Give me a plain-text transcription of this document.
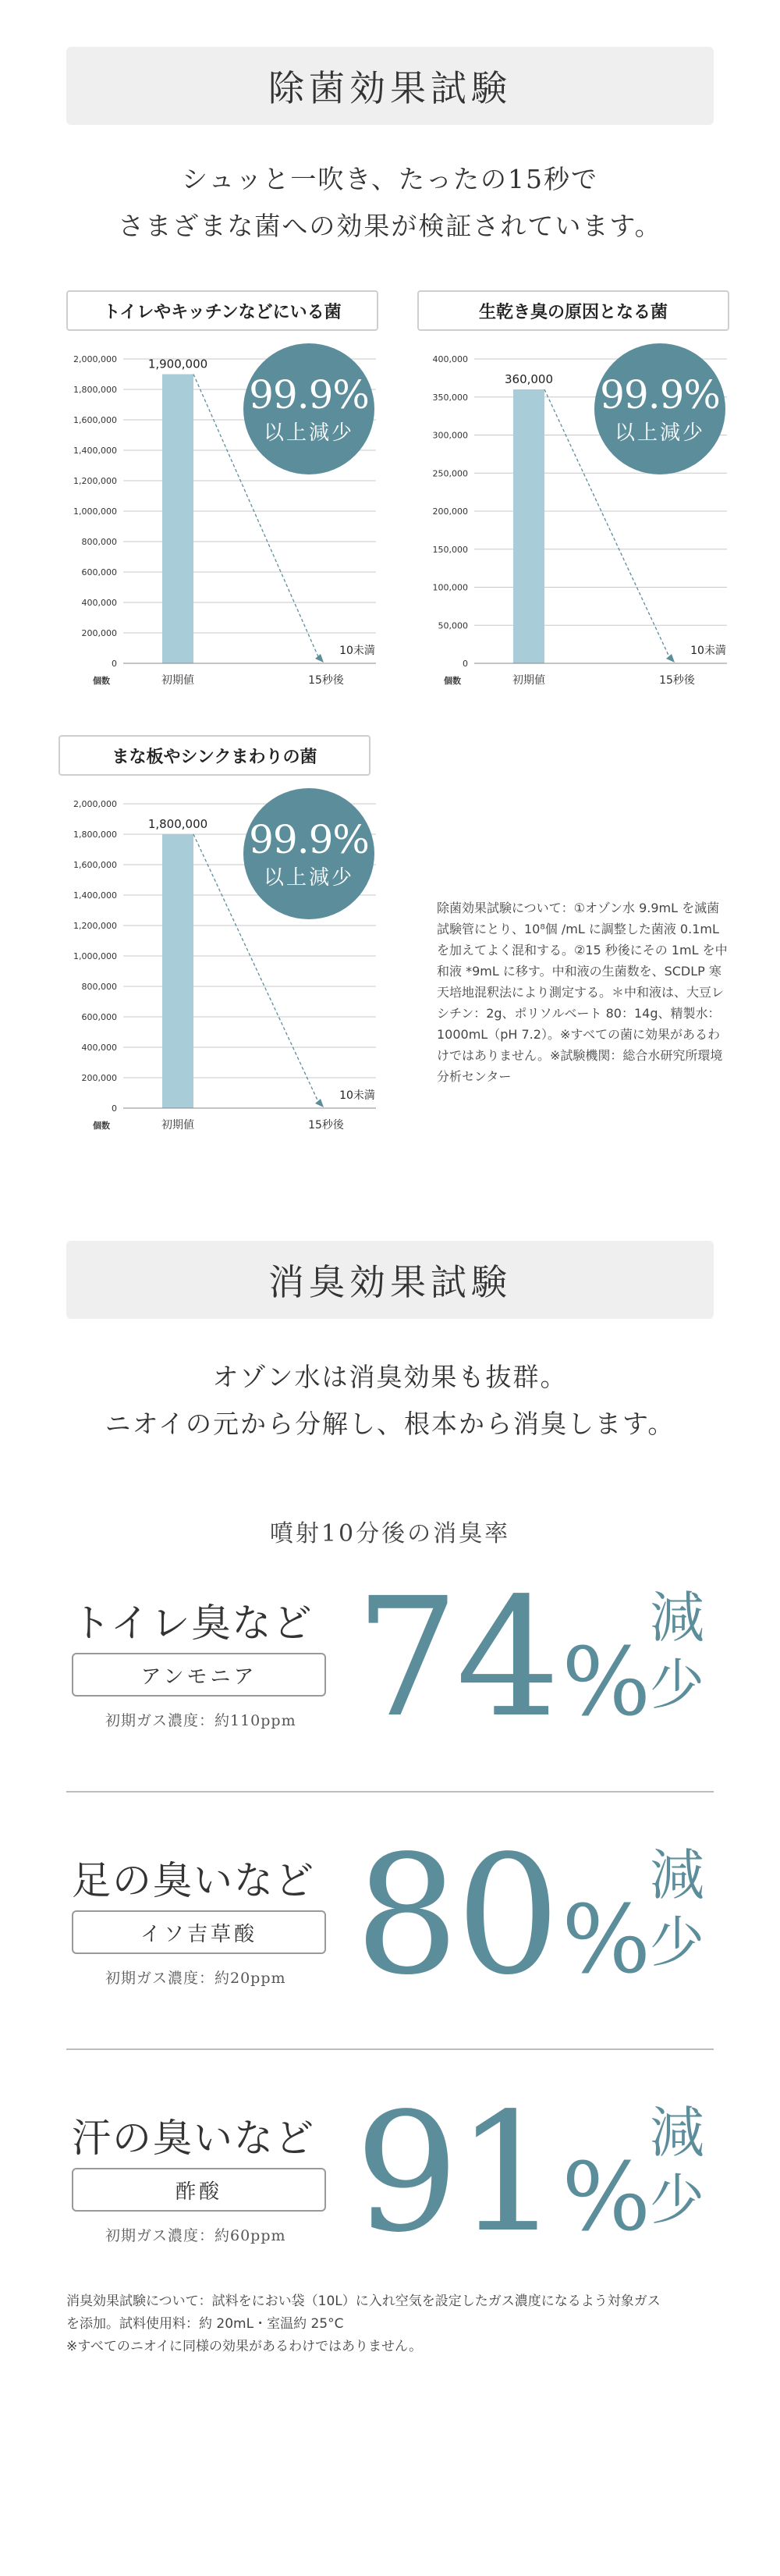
除菌効果試験
シュッと一吹き、たったの15秒で
さまざまな菌への効果が検証されています。
トイレやキッチンなどにいる菌
2,000,000
1,800,000
1,600,000
1,400,000
1,200,000
1,000,000
800,000
600,000
400,000
200,000
0
個数	初期値	15秒後
1,900,000
10未満
99.9%
以上減少
生乾き臭の原因となる菌
400,000
350,000
300,000
250,000
200,000
150,000
100,000
50,000
0
個数	初期値	15秒後
360,000
10未満
99.9%
以上減少
まな板やシンクまわりの菌
2,000,000
1,800,000
1,600,000
1,400,000
1,200,000
1,000,000
800,000
600,000
400,000
200,000
0
個数	初期値	15秒後
1,800,000
10未満
99.9%
以上減少
除菌効果試験について：①オゾン水 9.9mL を滅菌試験管にとり、10⁸個 /mL に調整した菌液 0.1mL を加えてよく混和する。②15 秒後にその 1mL を中和液 *9mL に移す。中和液の生菌数を、SCDLP 寒天培地混釈法により測定する。＊中和液は、大豆レシチン：2g、ポリソルベート 80：14g、精製水：1000mL（pH 7.2）。※すべての菌に効果があるわけではありません。※試験機関：総合水研究所環境分析センター
消臭効果試験
オゾン水は消臭効果も抜群。
ニオイの元から分解し、根本から消臭します。
噴射10分後の消臭率
トイレ臭など
アンモニア
初期ガス濃度：約110ppm 74%
減
少
足の臭いなど
イソ吉草酸
初期ガス濃度：約20ppm 80%
減
少
汗の臭いなど
酢酸
初期ガス濃度：約60ppm 91%
減
少
消臭効果試験について：試料をにおい袋（10L）に入れ空気を設定したガス濃度になるよう対象ガス
を添加。試料使用料：約 20mL・室温約 25°C
※すべてのニオイに同様の効果があるわけではありません。
